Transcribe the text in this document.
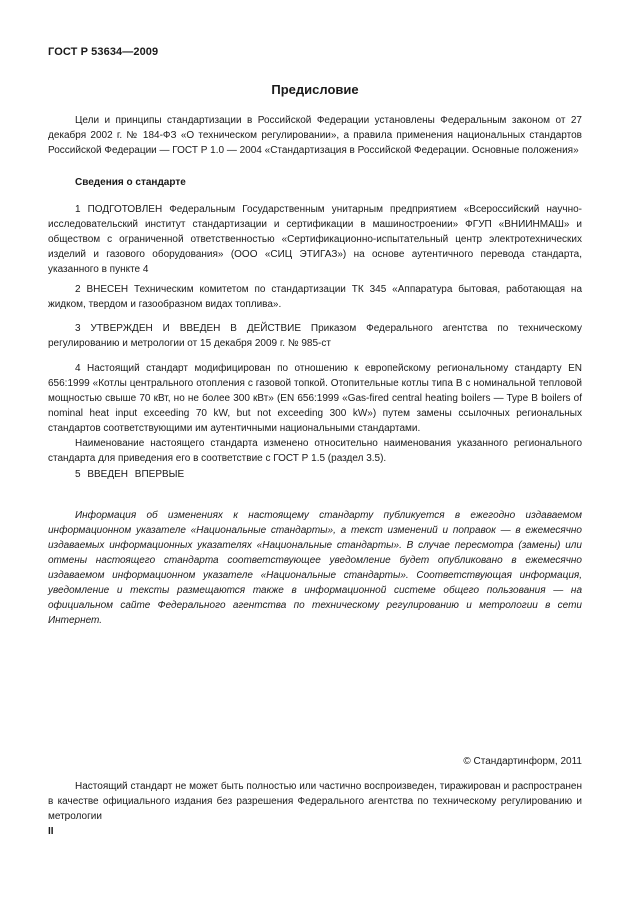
ГОСТ Р 53634—2009
Предисловие

Цели и принципы стандартизации в Российской Федерации установлены Федеральным законом от 27 декабря 2002 г. № 184-ФЗ «О техническом регулировании», а правила применения национальных стандартов Российской Федерации — ГОСТ Р 1.0 — 2004 «Стандартизация в Российской Федерации. Основные положения»

Сведения о стандарте

1 ПОДГОТОВЛЕН Федеральным Государственным унитарным предприятием «Всероссийский научно-исследовательский институт стандартизации и сертификации в машиностроении» ФГУП «ВНИИНМАШ» и обществом с ограниченной ответственностью «Сертификационно-испытательный центр электротехнических изделий и газового оборудования» (ООО «СИЦ ЭТИГАЗ») на основе аутентичного перевода стандарта, указанного в пункте 4

2 ВНЕСЕН Техническим комитетом по стандартизации ТК 345 «Аппаратура бытовая, работающая на жидком, твердом и газообразном видах топлива».

3 УТВЕРЖДЕН И ВВЕДЕН В ДЕЙСТВИЕ Приказом Федерального агентства по техническому регулированию и метрологии от 15 декабря 2009 г. № 985-ст

4 Настоящий стандарт модифицирован по отношению к европейскому региональному стандарту EN 656:1999 «Котлы центрального отопления с газовой топкой. Отопительные котлы типа В с номинальной тепловой мощностью свыше 70 кВт, но не более 300 кВт» (EN 656:1999 «Gas-fired central heating boilers — Type B boilers of nominal heat input exceeding 70 kW, but not exceeding 300 kW») путем замены ссылочных региональных стандартов соответствующими им аутентичными национальными стандартами.

Наименование настоящего стандарта изменено относительно наименования указанного регионального стандарта для приведения его в соответствие с ГОСТ Р 1.5 (раздел 3.5).

5 ВВЕДЕН ВПЕРВЫЕ

Информация об изменениях к настоящему стандарту публикуется в ежегодно издаваемом информационном указателе «Национальные стандарты», а текст изменений и поправок — в ежемесячно издаваемых информационных указателях «Национальные стандарты». В случае пересмотра (замены) или отмены настоящего стандарта соответствующее уведомление будет опубликовано в ежемесячно издаваемом информационном указателе «Национальные стандарты». Соответствующая информация, уведомление и тексты размещаются также в информационной системе общего пользования — на официальном сайте Федерального агентства по техническому регулированию и метрологии в сети Интернет.

© Стандартинформ, 2011

Настоящий стандарт не может быть полностью или частично воспроизведен, тиражирован и распространен в качестве официального издания без разрешения Федерального агентства по техническому регулированию и метрологии

II
